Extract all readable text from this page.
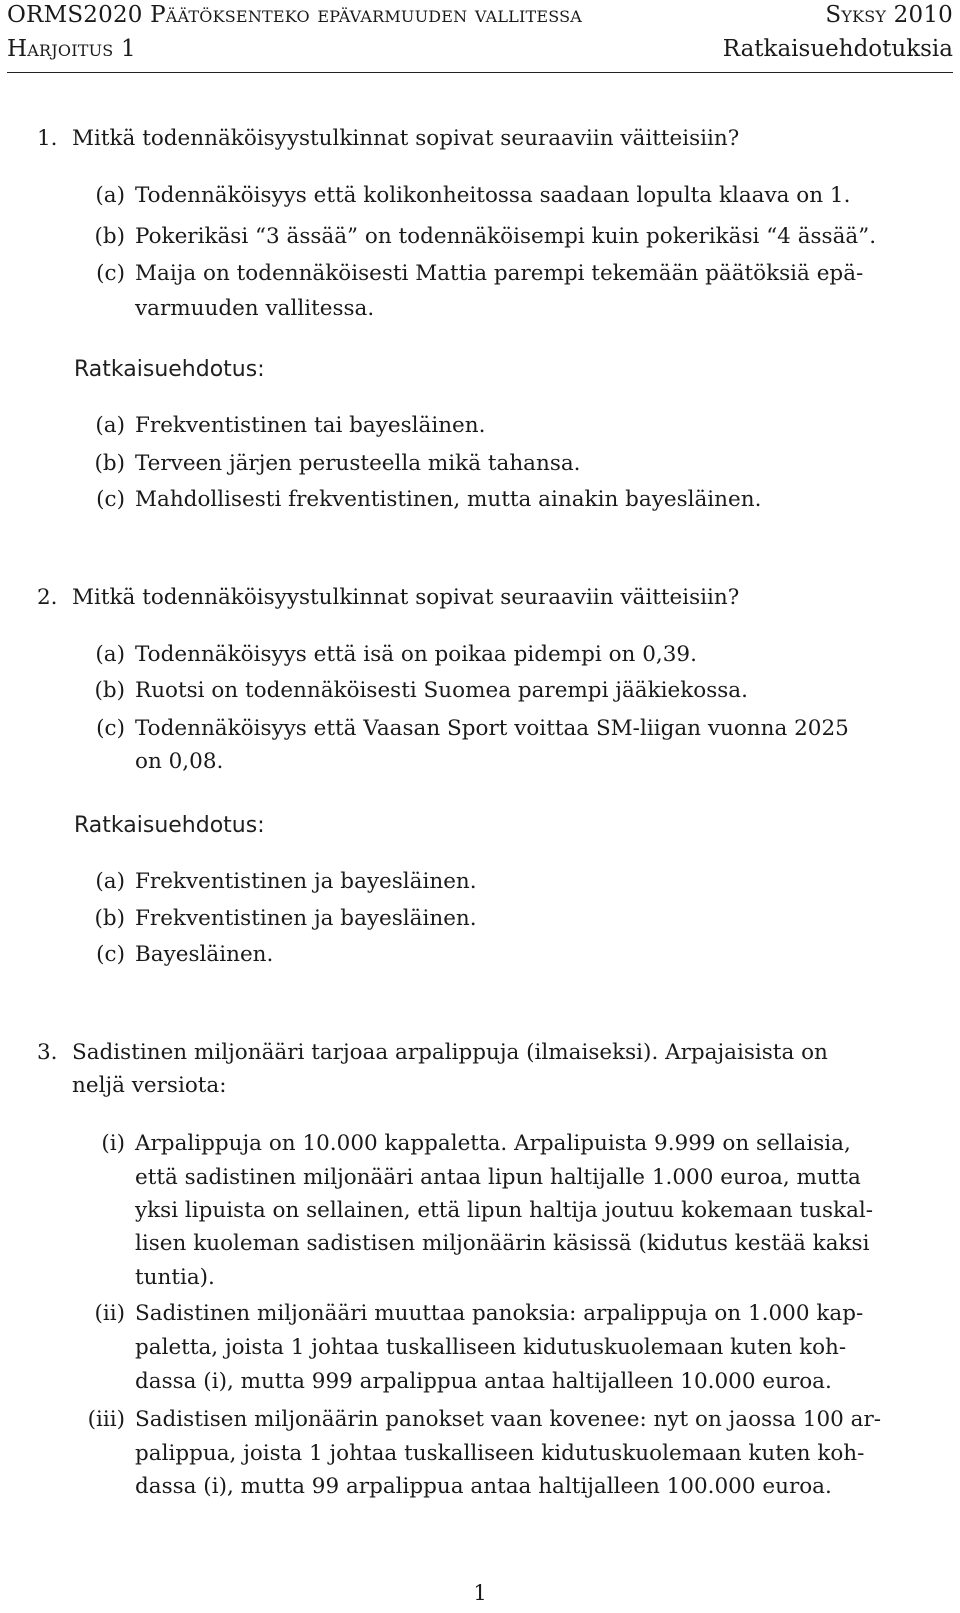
ORMS2020 Päätöksenteko epävarmuuden vallitessa	Syksy 2010
Harjoitus 1	Ratkaisuehdotuksia
1. Mitkä todennäköisyystulkinnat sopivat seuraaviin väitteisiin?
(a) Todennäköisyys että kolikonheitossa saadaan lopulta klaava on 1.
(b) Pokerikäsi “3 ässää” on todennäköisempi kuin pokerikäsi “4 ässää”.
(c) Maija on todennäköisesti Mattia parempi tekemään päätöksiä epä-
varmuuden vallitessa.
Ratkaisuehdotus:
(a) Frekventistinen tai bayesläinen.
(b) Terveen järjen perusteella mikä tahansa.
(c) Mahdollisesti frekventistinen, mutta ainakin bayesläinen.
2. Mitkä todennäköisyystulkinnat sopivat seuraaviin väitteisiin?
(a) Todennäköisyys että isä on poikaa pidempi on 0,39.
(b) Ruotsi on todennäköisesti Suomea parempi jääkiekossa.
(c) Todennäköisyys että Vaasan Sport voittaa SM-liigan vuonna 2025
on 0,08.
Ratkaisuehdotus:
(a) Frekventistinen ja bayesläinen.
(b) Frekventistinen ja bayesläinen.
(c) Bayesläinen.
3. Sadistinen miljonääri tarjoaa arpalippuja (ilmaiseksi). Arpajaisista on
neljä versiota:
(i) Arpalippuja on 10.000 kappaletta. Arpalipuista 9.999 on sellaisia,
että sadistinen miljonääri antaa lipun haltijalle 1.000 euroa, mutta
yksi lipuista on sellainen, että lipun haltija joutuu kokemaan tuskal-
lisen kuoleman sadistisen miljonäärin käsissä (kidutus kestää kaksi
tuntia).
(ii) Sadistinen miljonääri muuttaa panoksia: arpalippuja on 1.000 kap-
paletta, joista 1 johtaa tuskalliseen kidutuskuolemaan kuten koh-
dassa (i), mutta 999 arpalippua antaa haltijalleen 10.000 euroa.
(iii) Sadistisen miljonäärin panokset vaan kovenee: nyt on jaossa 100 ar-
palippua, joista 1 johtaa tuskalliseen kidutuskuolemaan kuten koh-
dassa (i), mutta 99 arpalippua antaa haltijalleen 100.000 euroa.
1
